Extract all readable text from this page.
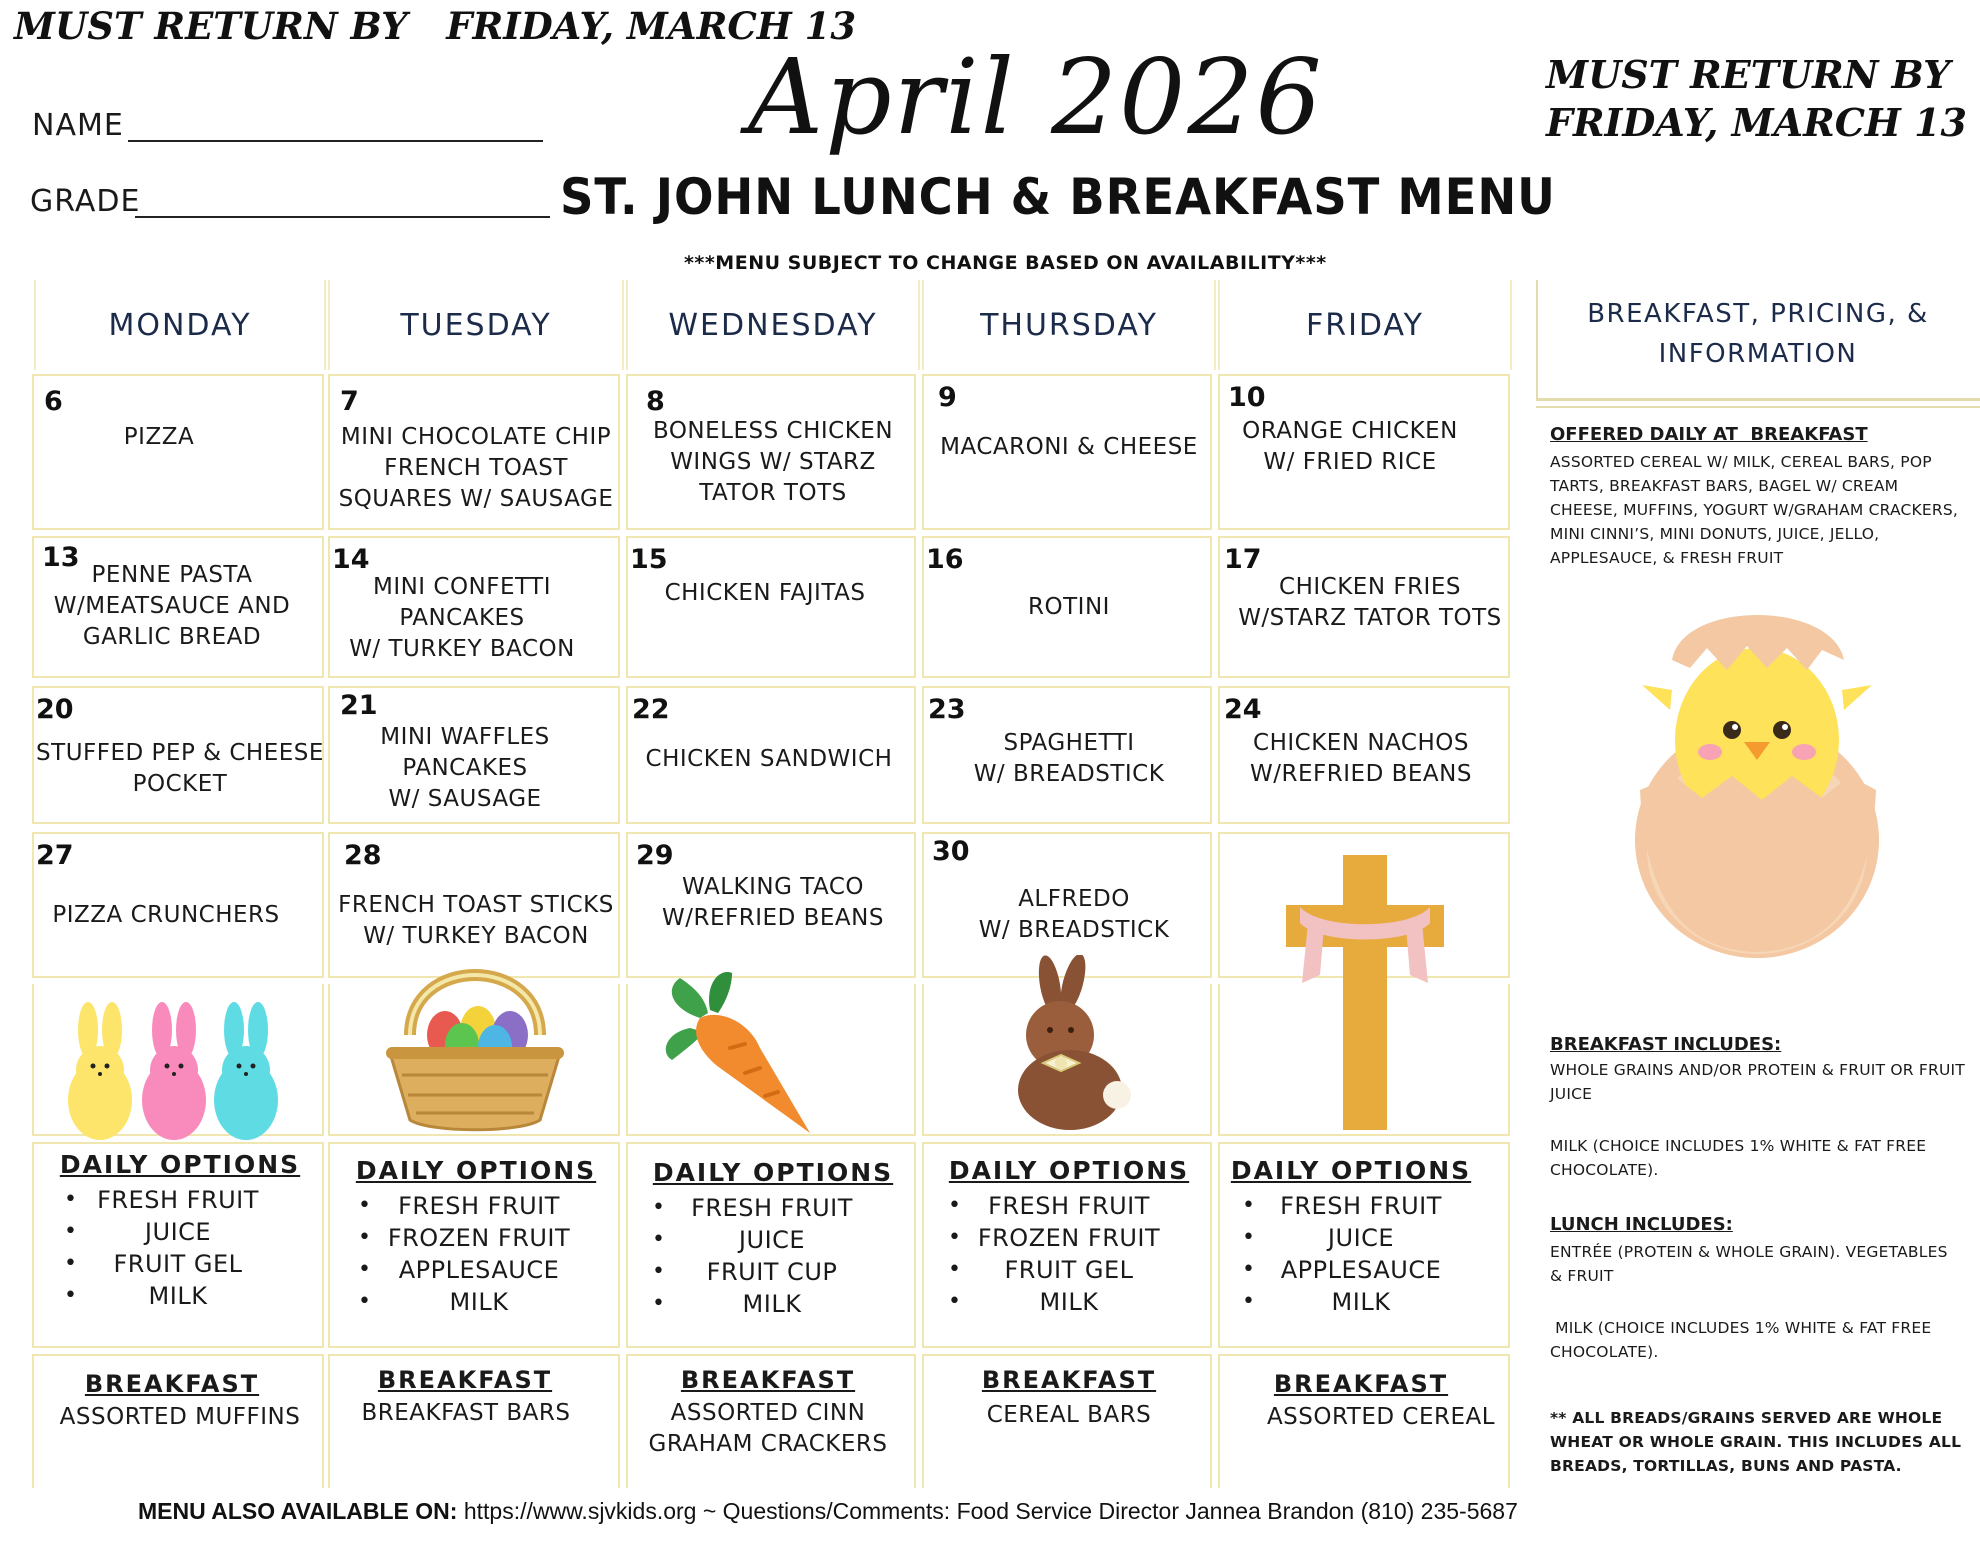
MUST RETURN BY   FRIDAY, MARCH 13
NAME
GRADE
April 2026
ST. JOHN LUNCH & BREAKFAST MENU
***MENU SUBJECT TO CHANGE BASED ON AVAILABILITY***
MUST RETURN BY
FRIDAY, MARCH 13
MONDAY	TUESDAY	WEDNESDAY	THURSDAY	FRIDAY
6
PIZZA
7
MINI CHOCOLATE CHIP
FRENCH TOAST
SQUARES W/ SAUSAGE
8
BONELESS CHICKEN
WINGS W/ STARZ
TATOR TOTS
9
MACARONI & CHEESE
10
ORANGE CHICKEN
W/ FRIED RICE
13
PENNE PASTA
W/MEATSAUCE AND
GARLIC BREAD
14
MINI CONFETTI
PANCAKES
W/ TURKEY BACON
15
CHICKEN FAJITAS
16
ROTINI
17
CHICKEN FRIES
W/STARZ TATOR TOTS
20
STUFFED PEP & CHEESE
POCKET
21
MINI WAFFLES
PANCAKES
W/ SAUSAGE
22
CHICKEN SANDWICH
23
SPAGHETTI
W/ BREADSTICK
24
CHICKEN NACHOS
W/REFRIED BEANS
27
PIZZA CRUNCHERS
28
FRENCH TOAST STICKS
W/ TURKEY BACON
29
WALKING TACO
W/REFRIED BEANS
30
ALFREDO
W/ BREADSTICK
DAILY OPTIONS
• FRESH FRUIT
•	JUICE
• FRUIT GEL
•	MILK
DAILY OPTIONS
• FRESH FRUIT
• FROZEN FRUIT
• APPLESAUCE
•	MILK
DAILY OPTIONS
• FRESH FRUIT
•	JUICE
• FRUIT CUP
•	MILK
DAILY OPTIONS
• FRESH FRUIT
• FROZEN FRUIT
• FRUIT GEL
•	MILK
DAILY OPTIONS
• FRESH FRUIT
•	JUICE
• APPLESAUCE
•	MILK
BREAKFAST
ASSORTED MUFFINS
BREAKFAST
BREAKFAST BARS
BREAKFAST
ASSORTED CINN
GRAHAM CRACKERS
BREAKFAST
CEREAL BARS
BREAKFAST
ASSORTED CEREAL
BREAKFAST, PRICING, &
INFORMATION
OFFERED DAILY AT  BREAKFAST
ASSORTED CEREAL W/ MILK, CEREAL BARS, POP TARTS, BREAKFAST BARS, BAGEL W/ CREAM CHEESE, MUFFINS, YOGURT W/GRAHAM CRACKERS, MINI CINNI’S, MINI DONUTS, JUICE, JELLO, APPLESAUCE, & FRESH FRUIT
BREAKFAST INCLUDES:
WHOLE GRAINS AND/OR PROTEIN & FRUIT OR FRUIT JUICE
MILK (CHOICE INCLUDES 1% WHITE & FAT FREE CHOCOLATE).
LUNCH INCLUDES:
ENTRÉE (PROTEIN & WHOLE GRAIN). VEGETABLES & FRUIT
MILK (CHOICE INCLUDES 1% WHITE & FAT FREE CHOCOLATE).
** ALL BREADS/GRAINS SERVED ARE WHOLE WHEAT OR WHOLE GRAIN. THIS INCLUDES ALL BREADS, TORTILLAS, BUNS AND PASTA.
MENU ALSO AVAILABLE ON: https://www.sjvkids.org ~ Questions/Comments: Food Service Director Jannea Brandon (810) 235-5687
